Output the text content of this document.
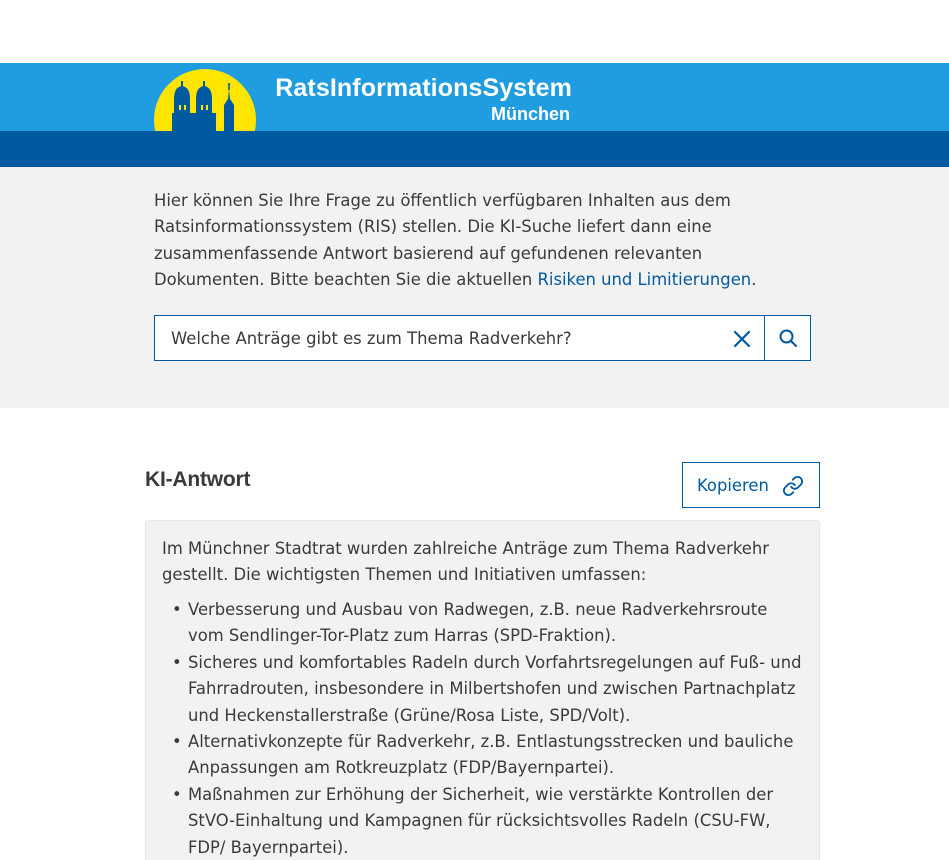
RatsInformationsSystem
München

Hier können Sie Ihre Frage zu öffentlich verfügbaren Inhalten aus dem Ratsinformationssystem (RIS) stellen. Die KI-Suche liefert dann eine zusammenfassende Antwort basierend auf gefundenen relevanten Dokumenten. Bitte beachten Sie die aktuellen Risiken und Limitierungen.

Welche Anträge gibt es zum Thema Radverkehr?
KI-Antwort	Kopieren

Im Münchner Stadtrat wurden zahlreiche Anträge zum Thema Radverkehr gestellt. Die wichtigsten Themen und Initiativen umfassen:

• Verbesserung und Ausbau von Radwegen, z.B. neue Radverkehrsroute vom Sendlinger-Tor-Platz zum Harras (SPD-Fraktion).
• Sicheres und komfortables Radeln durch Vorfahrtsregelungen auf Fuß- und Fahrradrouten, insbesondere in Milbertshofen und zwischen Partnachplatz und Heckenstallerstraße (Grüne/Rosa Liste, SPD/Volt).
• Alternativkonzepte für Radverkehr, z.B. Entlastungsstrecken und bauliche Anpassungen am Rotkreuzplatz (FDP/Bayernpartei).
• Maßnahmen zur Erhöhung der Sicherheit, wie verstärkte Kontrollen der StVO-Einhaltung und Kampagnen für rücksichtsvolles Radeln (CSU-FW, FDP/ Bayernpartei).
